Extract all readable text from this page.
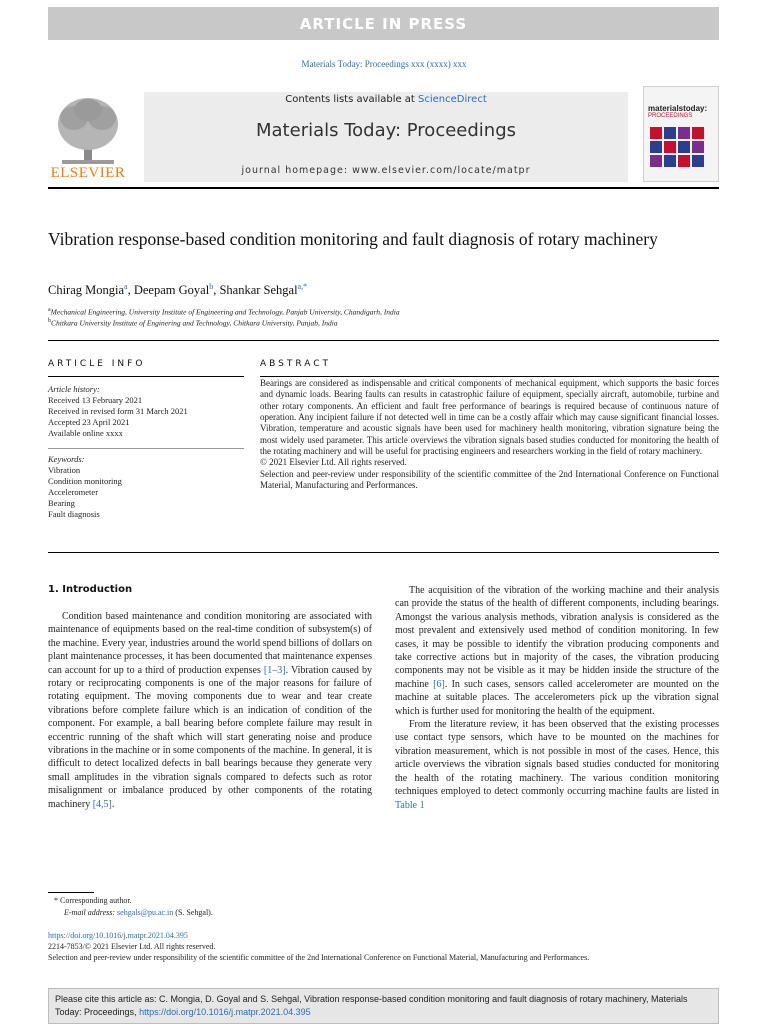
ARTICLE IN PRESS
Materials Today: Proceedings xxx (xxxx) xxx
ELSEVIER
Contents lists available at ScienceDirect
Materials Today: Proceedings
journal homepage: www.elsevier.com/locate/matpr
materialstoday:
PROCEEDINGS
Vibration response-based condition monitoring and fault diagnosis of rotary machinery
Chirag Mongia$^a$, Deepam Goyal$^b$, Shankar Sehgal$^{a,*}$
$^a$Mechanical Engineering, University Institute of Engineering and Technology, Panjab University, Chandigarh, India
$^b$Chitkara University Institute of Enginering and Technology, Chitkara University, Punjab, India
ARTICLE INFO
Article history:
Received 13 February 2021
Received in revised form 31 March 2021
Accepted 23 April 2021
Available online xxxx
Keywords:
Vibration
Condition monitoring
Accelerometer
Bearing
Fault diagnosis
ABSTRACT
Bearings are considered as indispensable and critical components of mechanical equipment, which supports the basic forces and dynamic loads. Bearing faults can results in catastrophic failure of equipment, specially aircraft, automobile, turbine and other rotary components. An efficient and fault free performance of bearings is required because of continuous nature of operation. Any incipient failure if not detected well in time can be a costly affair which may cause significant financial losses. Vibration, temperature and acoustic signals have been used for machinery health monitoring, vibration signature being the most widely used parameter. This article overviews the vibration signals based studies conducted for monitoring the health of the rotating machinery and will be useful for practising engineers and researchers working in the field of rotary machinery.
© 2021 Elsevier Ltd. All rights reserved.
Selection and peer-review under responsibility of the scientific committee of the 2nd International Conference on Functional Material, Manufacturing and Performances.
1. Introduction

Condition based maintenance and condition monitoring are associated with maintenance of equipments based on the real-time condition of subsystem(s) of the machine. Every year, industries around the world spend billions of dollars on plant maintenance processes, it has been documented that maintenance expenses can account for up to a third of production expenses [1–3]. Vibration caused by rotary or reciprocating components is one of the major reasons for failure of rotating equipment. The moving components due to wear and tear create vibrations before complete failure which is an indication of condition of the component. For example, a ball bearing before complete failure may result in eccentric running of the shaft which will start generating noise and produce vibrations in the machine or in some components of the machine. In general, it is difficult to detect localized defects in ball bearings because they generate very small amplitudes in the vibration signals compared to defects such as rotor misalignment or imbalance produced by other components of the rotating machinery [4,5].

The acquisition of the vibration of the working machine and their analysis can provide the status of the health of different components, including bearings. Amongst the various analysis methods, vibration analysis is considered as the most prevalent and extensively used method of condition monitoring. In few cases, it may be possible to identify the vibration producing components and take corrective actions but in majority of the cases, the vibration producing components may not be visible as it may be hidden inside the structure of the machine [6]. In such cases, sensors called accelerometer are mounted on the machine at suitable places. The accelerometers pick up the vibration signal which is further used for monitoring the health of the equipment.

From the literature review, it has been observed that the existing processes use contact type sensors, which have to be mounted on the machines for vibration measurement, which is not possible in most of the cases. Hence, this article overviews the vibration signals based studies conducted for monitoring the health of the rotating machinery. The various condition monitoring techniques employed to detect commonly occurring machine faults are listed in Table 1

* Corresponding author.
E-mail address: sehgals@pu.ac.in (S. Sehgal).
https://doi.org/10.1016/j.matpr.2021.04.395
2214-7853/© 2021 Elsevier Ltd. All rights reserved.
Selection and peer-review under responsibility of the scientific committee of the 2nd International Conference on Functional Material, Manufacturing and Performances.
Please cite this article as: C. Mongia, D. Goyal and S. Sehgal, Vibration response-based condition monitoring and fault diagnosis of rotary machinery, Materials Today: Proceedings, https://doi.org/10.1016/j.matpr.2021.04.395
